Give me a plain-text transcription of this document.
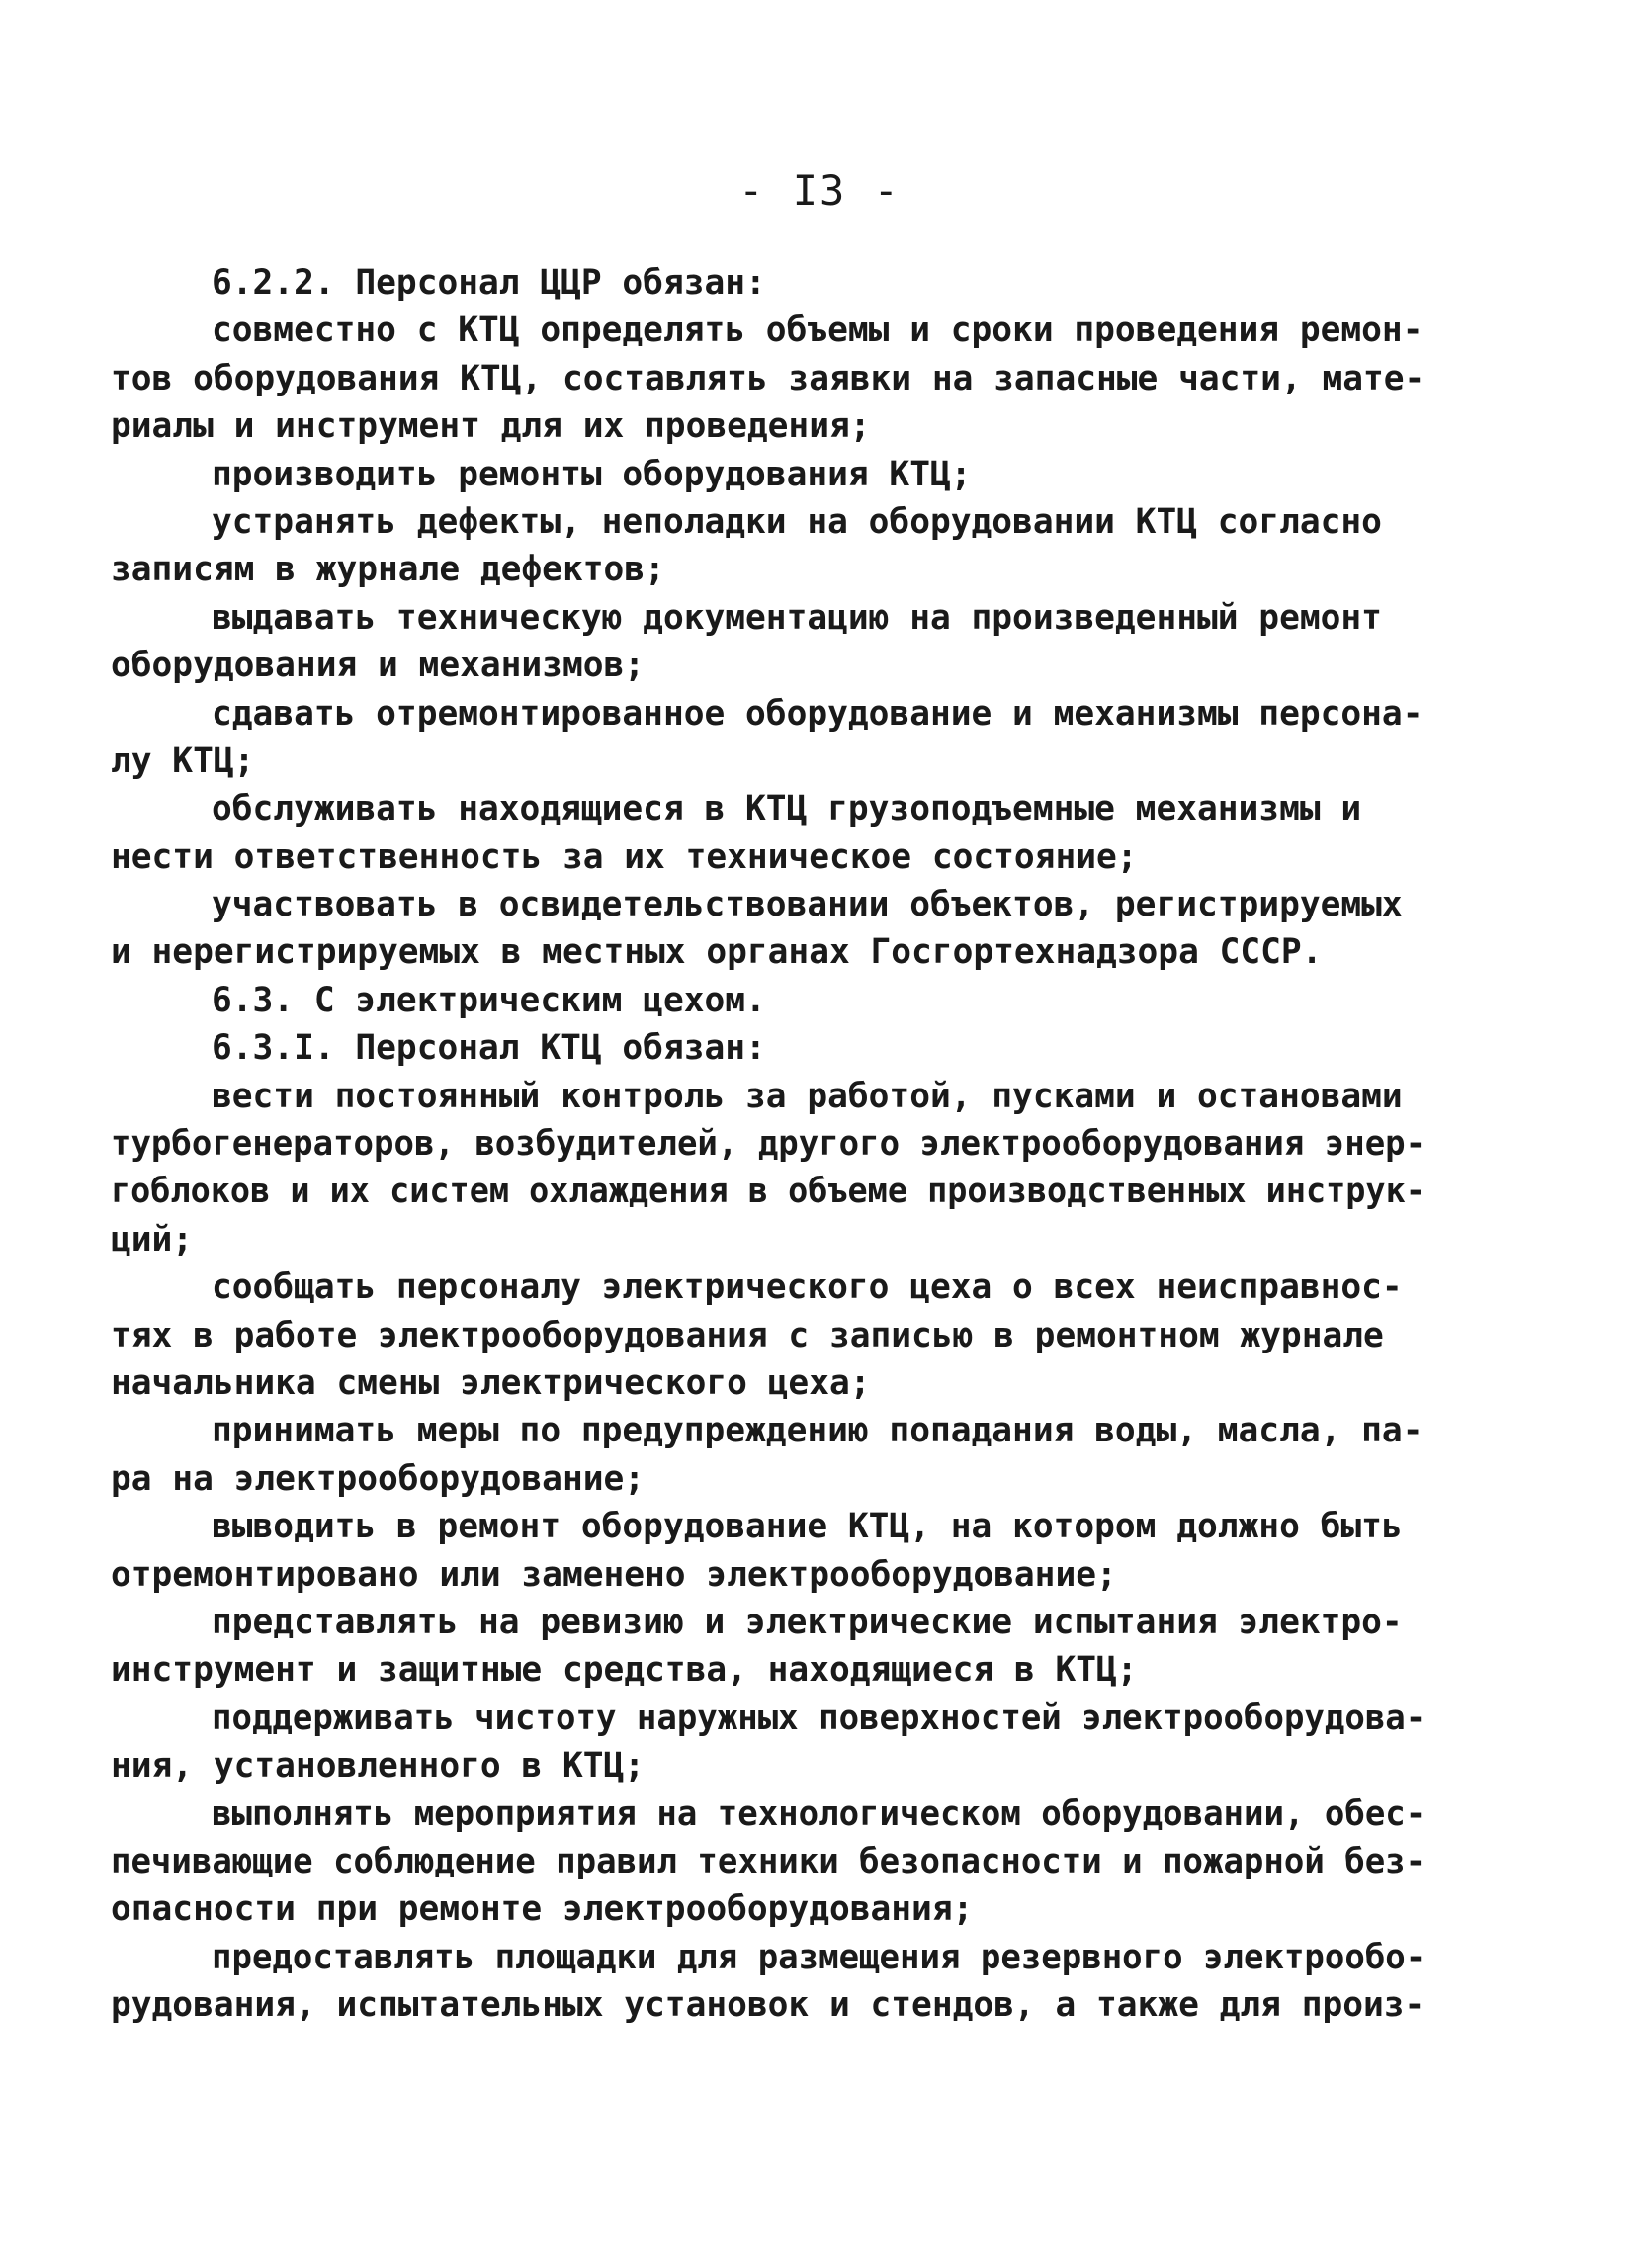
- I3 -
6.2.2. Персонал ЦЦР обязан:
совместно с КТЦ определять объемы и сроки проведения ремон-
тов оборудования КТЦ, составлять заявки на запасные части, мате-
риалы и инструмент для их проведения;
производить ремонты оборудования КТЦ;
устранять дефекты, неполадки на оборудовании КТЦ согласно
записям в журнале дефектов;
выдавать техническую документацию на произведенный ремонт
оборудования и механизмов;
сдавать отремонтированное оборудование и механизмы персона-
лу КТЦ;
обслуживать находящиеся в КТЦ грузоподъемные механизмы и
нести ответственность за их техническое состояние;
участвовать в освидетельствовании объектов, регистрируемых
и нерегистрируемых в местных органах Госгортехнадзора СССР.
6.3. С электрическим цехом.
6.3.I. Персонал КТЦ обязан:
вести постоянный контроль за работой, пусками и остановами
турбогенераторов, возбудителей, другого электрооборудования энер-
гоблоков и их систем охлаждения в объеме производственных инструк-
ций;
сообщать персоналу электрического цеха о всех неисправнос-
тях в работе электрооборудования с записью в ремонтном журнале
начальника смены электрического цеха;
принимать меры по предупреждению попадания воды, масла, па-
ра на электрооборудование;
выводить в ремонт оборудование КТЦ, на котором должно быть
отремонтировано или заменено электрооборудование;
представлять на ревизию и электрические испытания электро-
инструмент и защитные средства, находящиеся в КТЦ;
поддерживать чистоту наружных поверхностей электрооборудова-
ния, установленного в КТЦ;
выполнять мероприятия на технологическом оборудовании, обес-
печивающие соблюдение правил техники безопасности и пожарной без-
опасности при ремонте электрооборудования;
предоставлять площадки для размещения резервного электрообо-
рудования, испытательных установок и стендов, а также для произ-
